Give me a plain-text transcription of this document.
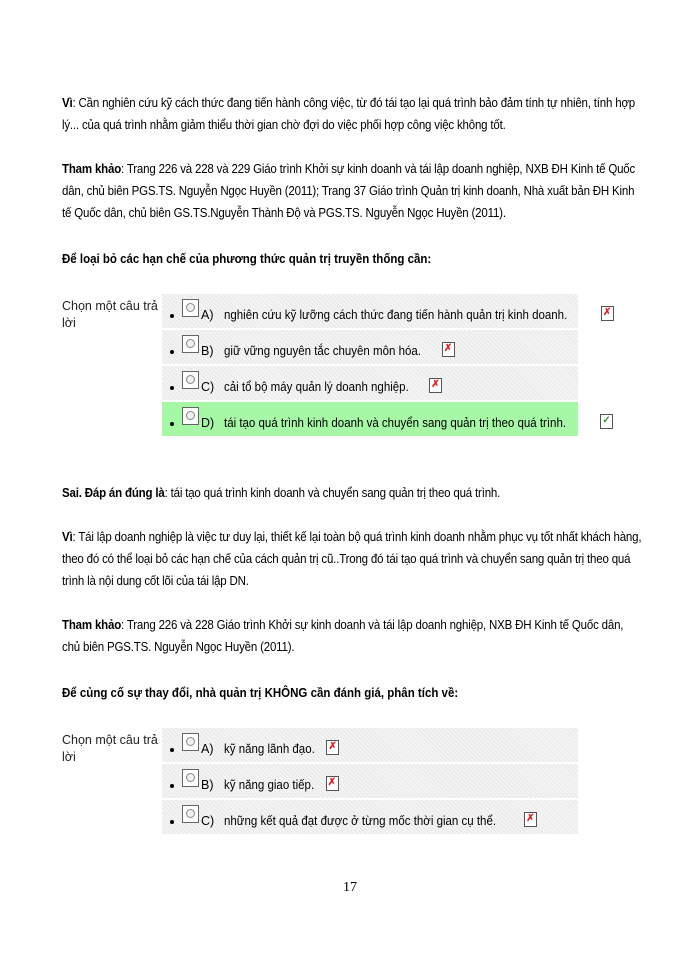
Vì: Cần nghiên cứu kỹ cách thức đang tiến hành công việc, từ đó tái tạo lại quá trình bảo đảm tính tự nhiên, tính hợp lý... của quá trình nhằm giảm thiểu thời gian chờ đợi do việc phối hợp công việc không tốt.
Tham khảo: Trang 226 và 228 và 229 Giáo trình Khởi sự kinh doanh và tái lập doanh nghiệp, NXB ĐH Kinh tế Quốc dân, chủ biên PGS.TS. Nguyễn Ngọc Huyền (2011); Trang 37 Giáo trình Quản trị kinh doanh, Nhà xuất bản ĐH Kinh tế Quốc dân, chủ biên GS.TS.Nguyễn Thành Độ và PGS.TS. Nguyễn Ngọc Huyền (2011).
Để loại bỏ các hạn chế của phương thức quản trị truyền thống cần:
Chọn một câu trả lời
A) nghiên cứu kỹ lưỡng cách thức đang tiến hành quản trị kinh doanh.	✗
B) giữ vững nguyên tắc chuyên môn hóa. ✗
C) cải tổ bộ máy quản lý doanh nghiệp. ✗
D) tái tạo quá trình kinh doanh và chuyển sang quản trị theo quá trình.	✓
Sai. Đáp án đúng là: tái tạo quá trình kinh doanh và chuyển sang quản trị theo quá trình.
Vì: Tái lập doanh nghiệp là việc tư duy lại, thiết kế lại toàn bộ quá trình kinh doanh nhằm phục vụ tốt nhất khách hàng, theo đó có thể loại bỏ các hạn chế của cách quản trị cũ..Trong đó tái tạo quá trình và chuyển sang quản trị theo quá trình là nội dung cốt lõi của tái lập DN.
Tham khảo: Trang 226 và 228 Giáo trình Khởi sự kinh doanh và tái lập doanh nghiệp, NXB ĐH Kinh tế Quốc dân, chủ biên PGS.TS. Nguyễn Ngọc Huyền (2011).
Để củng cố sự thay đổi, nhà quản trị KHÔNG cần đánh giá, phân tích về:
Chọn một câu trả lời
A) kỹ năng lãnh đạo. ✗
B) kỹ năng giao tiếp. ✗
C) những kết quả đạt được ở từng mốc thời gian cụ thể.	✗
17
